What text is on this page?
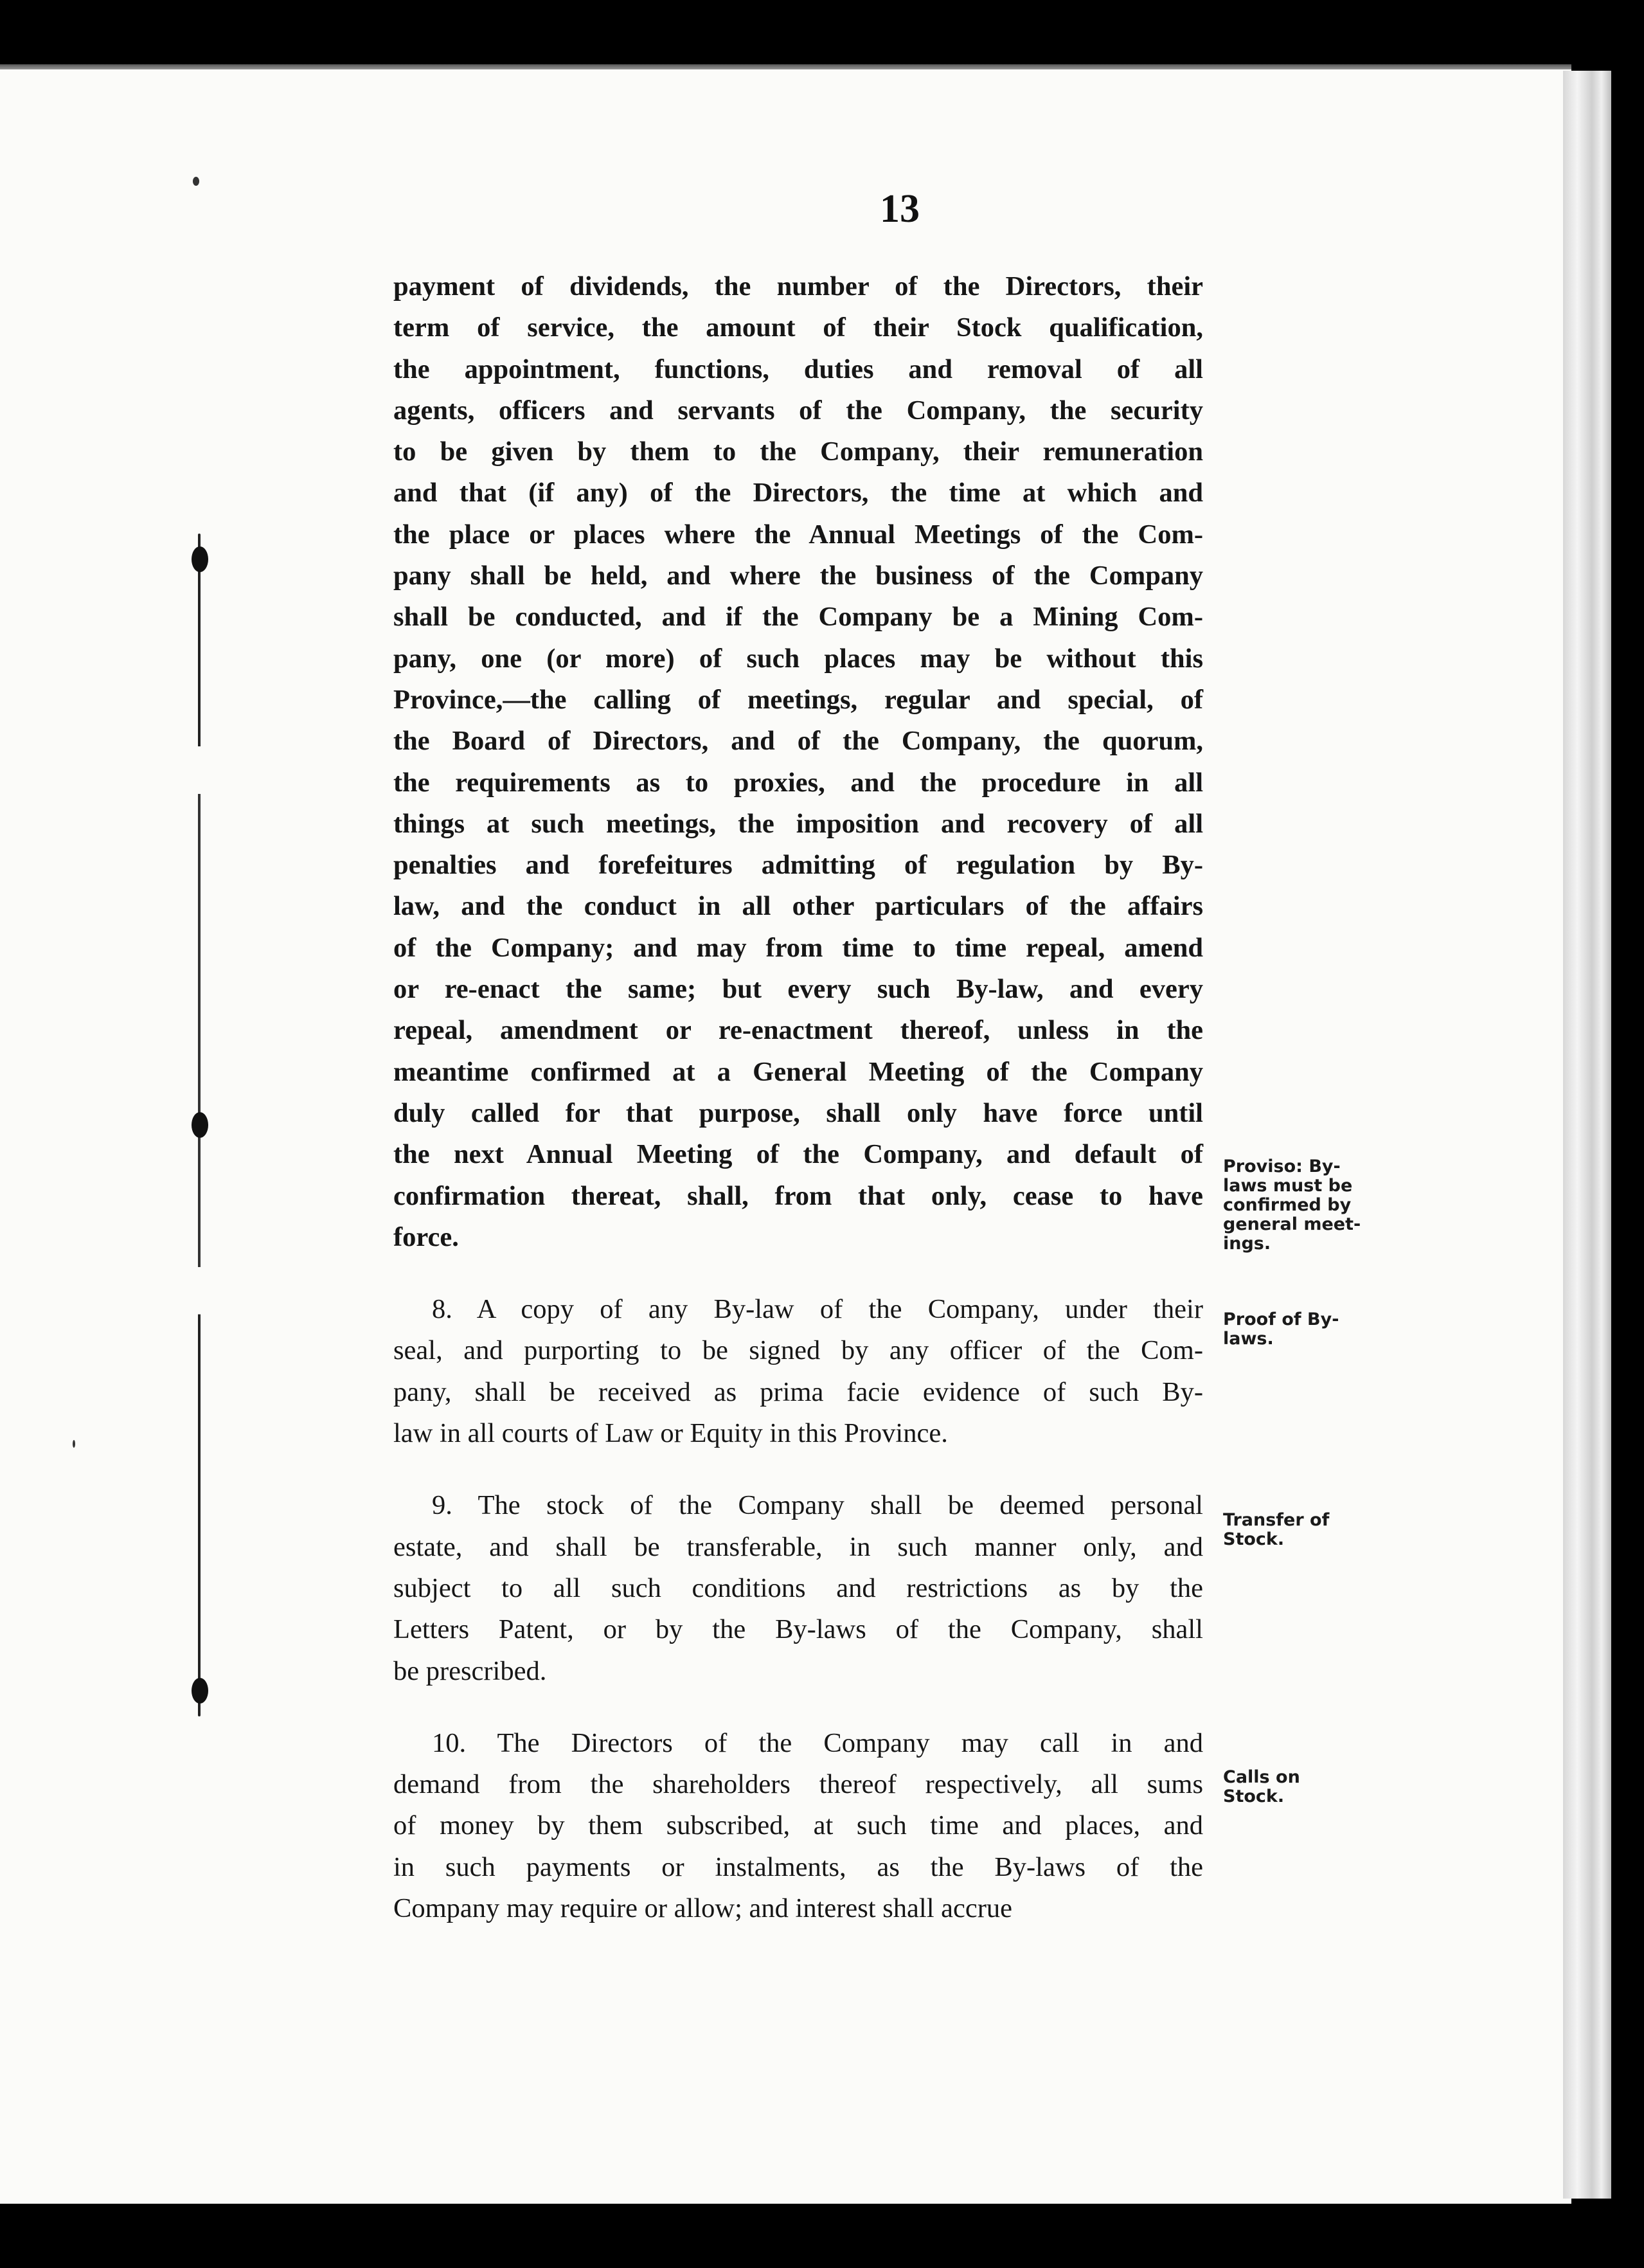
13

payment of dividends, the number of the Directors, their
term of service, the amount of their Stock qualification,
the appointment, functions, duties and removal of all
agents, officers and servants of the Company, the security
to be given by them to the Company, their remuneration
and that (if any) of the Directors, the time at which and
the place or places where the Annual Meetings of the Com-
pany shall be held, and where the business of the Company
shall be conducted, and if the Company be a Mining Com-
pany, one (or more) of such places may be without this
Province,—the calling of meetings, regular and special, of
the Board of Directors, and of the Company, the quorum,
the requirements as to proxies, and the procedure in all
things at such meetings, the imposition and recovery of all
penalties and forefeitures admitting of regulation by By-
law, and the conduct in all other particulars of the affairs
of the Company; and may from time to time repeal, amend
or re-enact the same; but every such By-law, and every
repeal, amendment or re-enactment thereof, unless in the
meantime confirmed at a General Meeting of the Company
duly called for that purpose, shall only have force until
the next Annual Meeting of the Company, and default of
confirmation thereat, shall, from that only, cease to have
force.

8. A copy of any By-law of the Company, under their
seal, and purporting to be signed by any officer of the Com-
pany, shall be received as prima facie evidence of such By-
law in all courts of Law or Equity in this Province.

9. The stock of the Company shall be deemed personal
estate, and shall be transferable, in such manner only, and
subject to all such conditions and restrictions as by the
Letters Patent, or by the By-laws of the Company, shall
be prescribed.

10. The Directors of the Company may call in and
demand from the shareholders thereof respectively, all sums
of money by them subscribed, at such time and places, and
in such payments or instalments, as the By-laws of the
Company may require or allow; and interest shall accrue

Proviso: By-
laws must be
confirmed by
general meet-
ings.

Proof of By-
laws.

Transfer of
Stock.

Calls on
Stock.
